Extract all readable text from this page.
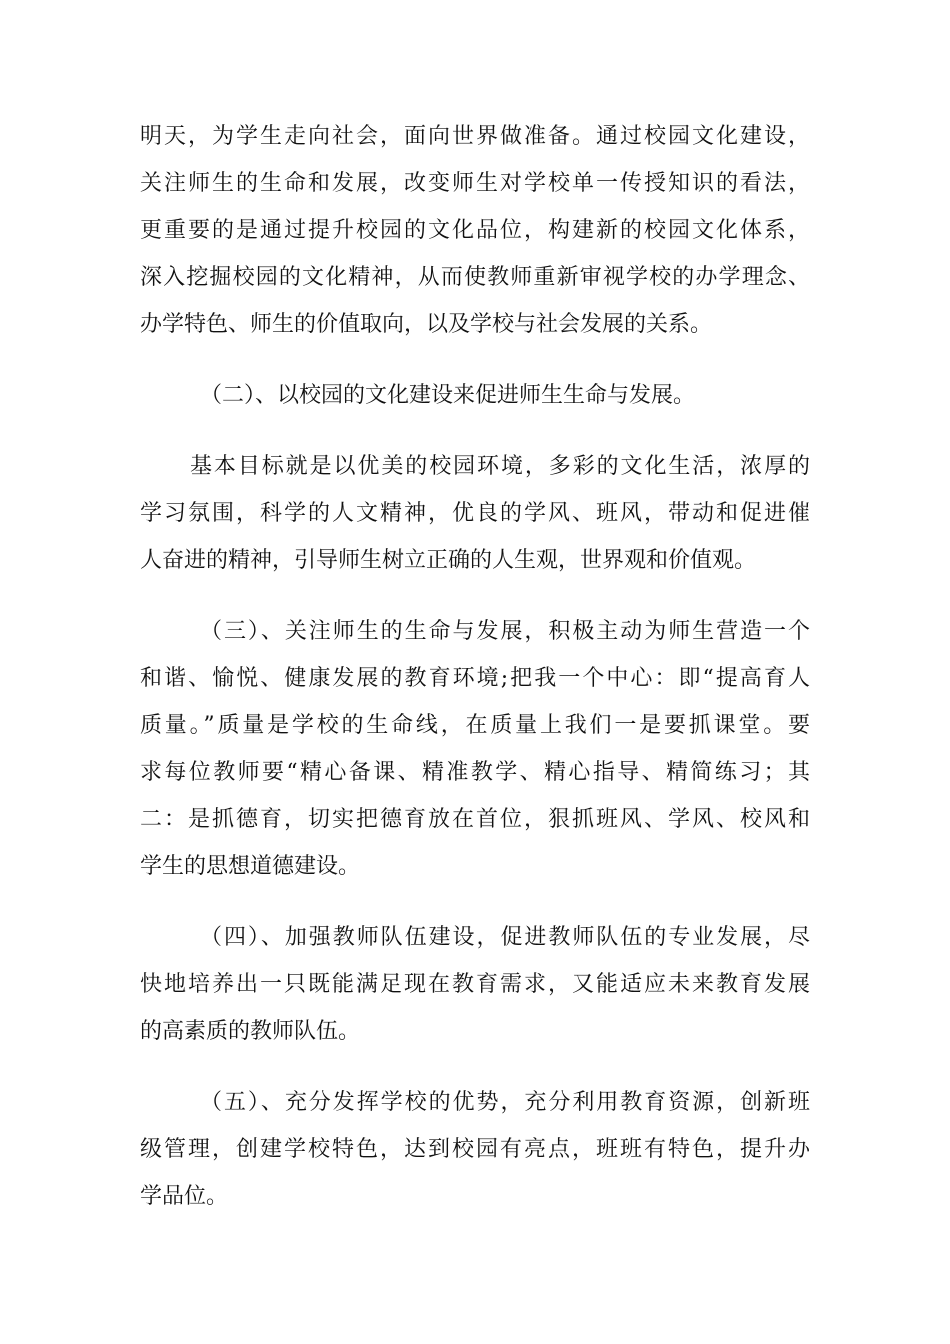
明天，为学生走向社会，面向世界做准备。通过校园文化建设，
关注师生的生命和发展，改变师生对学校单一传授知识的看法，
更重要的是通过提升校园的文化品位，构建新的校园文化体系，
深入挖掘校园的文化精神，从而使教师重新审视学校的办学理念、
办学特色、师生的价值取向，以及学校与社会发展的关系。
（二）、以校园的文化建设来促进师生生命与发展。
基本目标就是以优美的校园环境，多彩的文化生活，浓厚的
学习氛围，科学的人文精神，优良的学风、班风，带动和促进催
人奋进的精神，引导师生树立正确的人生观，世界观和价值观。
（三）、关注师生的生命与发展，积极主动为师生营造一个
和谐、愉悦、健康发展的教育环境;把我一个中心：即“提高育人
质量。”质量是学校的生命线，在质量上我们一是要抓课堂。要
求每位教师要“精心备课、精准教学、精心指导、精简练习；其
二：是抓德育，切实把德育放在首位，狠抓班风、学风、校风和
学生的思想道德建设。
（四）、加强教师队伍建设，促进教师队伍的专业发展，尽
快地培养出一只既能满足现在教育需求，又能适应未来教育发展
的高素质的教师队伍。
（五）、充分发挥学校的优势，充分利用教育资源，创新班
级管理，创建学校特色，达到校园有亮点，班班有特色，提升办
学品位。
